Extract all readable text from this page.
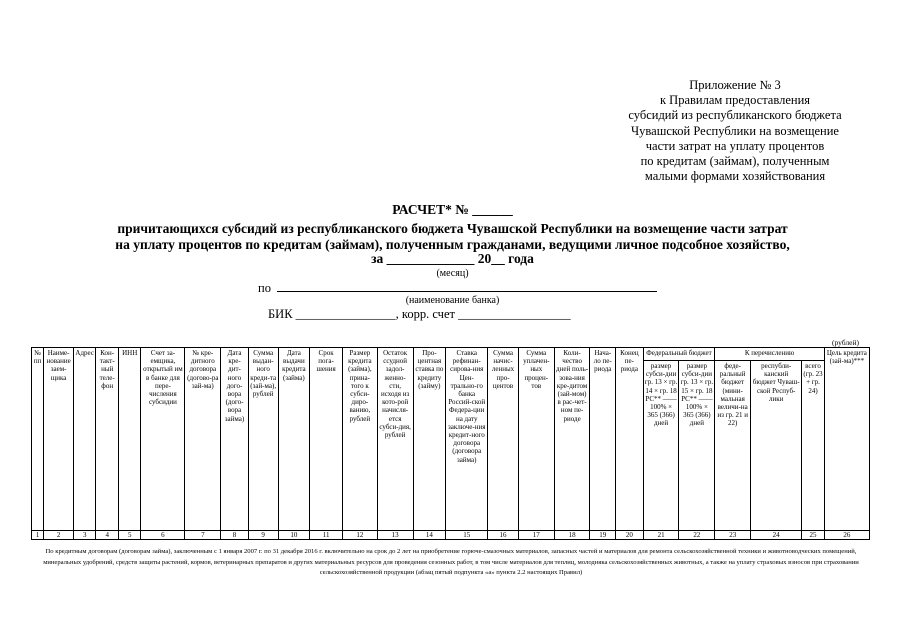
Приложение № 3
к Правилам предоставления
субсидий из республиканского бюджета
Чувашской Республики на возмещение
части затрат на уплату процентов
по кредитам (займам), полученным
малыми формами хозяйствования
РАСЧЕТ* № ______
причитающихся субсидий из республиканского бюджета Чувашской Республики на возмещение части затрат
на уплату процентов по кредитам (займам), полученным гражданами, ведущими личное подсобное хозяйство,
за _____________ 20__ года
(месяц)
по
(наименование банка)
БИК ________________, корр. счет __________________
(рублей)
№ пп	Наиме-нование заем-щика	Адрес	Кон-такт-ный теле-фон	ИНН	Счет за-емщика, открытый им в банке для пере-числения субсидии	№ кре-дитного договора (догово-ра зай-ма)	Дата кре-дит-ного дого-вора (дого-вора займа)	Сумма выдан-ного креди-та (зай-ма), рублей	Дата выдачи кредита (займа)	Срок пога-шения	Размер кредита (займа), прина-того к субси-диро-ванию, рублей	Остаток ссудной задол-женно-сти, исходя из кото-рой начисля-ется субси-дия, рублей	Про-центная ставка по кредиту (займу)	Ставка рефинан-сирова-ния Цен-трально-го банка Россий-ской Федера-ции на дату заключе-ния кредит-ного договора (договора займа)	Сумма начис-ленных про-центов	Сумма уплачен-ных процен-тов	Коли-чество дней поль-зова-ния кре-дитом (зай-мом) в рас-чет-ном пе-риоде	Нача-ло пе-риода	Конец пе-риода	Федеральный бюджет		К перечислению			Цель кредита (зай-ма)***
																				размер субси-дии гр. 13 × гр. 14 × гр. 18 РС** —— 100% × 365 (366) дней	размер субси-дии гр. 13 × гр. 15 × гр. 18 РС** —— 100% × 365 (366) дней	феде-ральный бюджет (мини-мальная величи-на из гр. 21 и 22)	республи-канский бюджет Чуваш-ской Респуб-лики	всего (гр. 23 + гр. 24)	
1	2	3	4	5	6	7	8	9	10	11	12	13	14	15	16	17	18	19	20	21	22	23	24	25	26
По кредитным договорам (договорам займа), заключенным с 1 января 2007 г. по 31 декабря 2016 г. включительно на срок до 2 лет на приобретение горюче-смазочных материалов, запасных частей и материалов для ремонта сельскохозяйственной техники и животноводческих помещений, минеральных удобрений, средств защиты растений, кормов, ветеринарных препаратов и других материальных ресурсов для проведения сезонных работ, в том числе материалов для теплиц, молодняка сельскохозяйственных животных, а также на уплату страховых взносов при страховании сельскохозяйственной продукции (абзац пятый подпункта «а» пункта 2.2 настоящих Правил)
